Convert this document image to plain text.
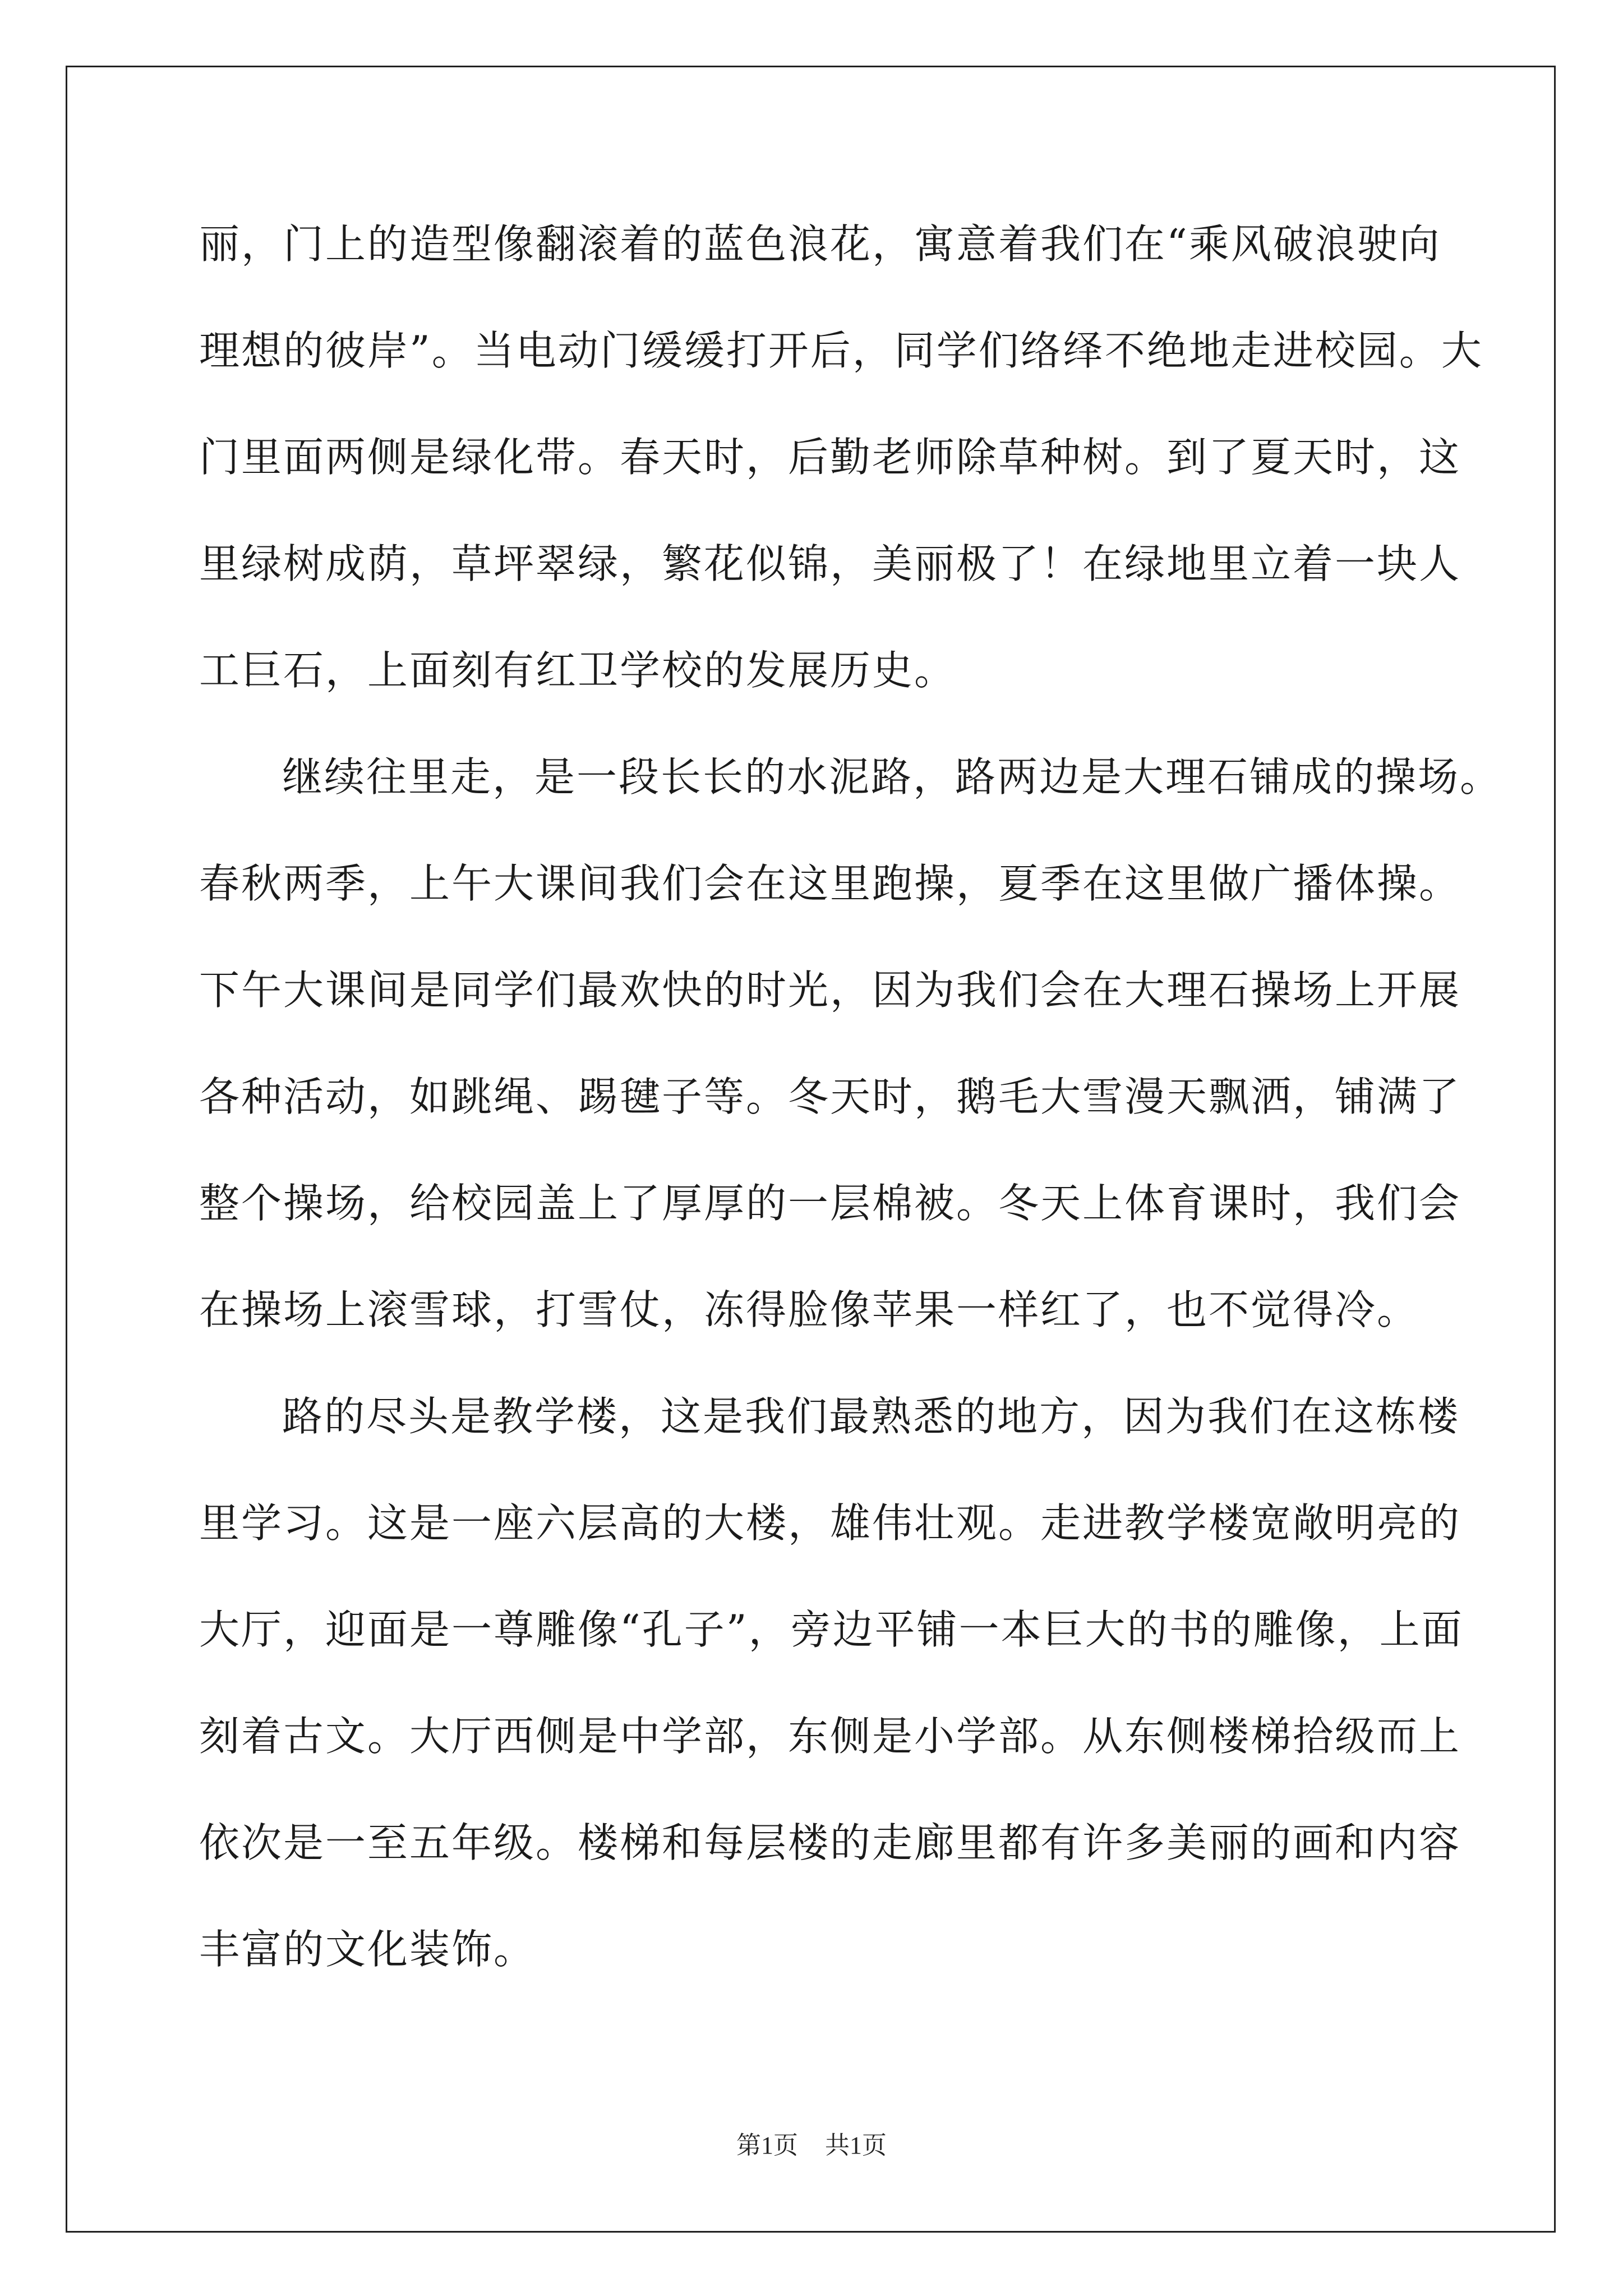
丽，门上的造型像翻滚着的蓝色浪花，寓意着我们在“乘风破浪驶向
理想的彼岸”。当电动门缓缓打开后，同学们络绎不绝地走进校园。大
门里面两侧是绿化带。春天时，后勤老师除草种树。到了夏天时，这
里绿树成荫，草坪翠绿，繁花似锦，美丽极了！在绿地里立着一块人
工巨石，上面刻有红卫学校的发展历史。
继续往里走，是一段长长的水泥路，路两边是大理石铺成的操场。
春秋两季，上午大课间我们会在这里跑操，夏季在这里做广播体操。
下午大课间是同学们最欢快的时光，因为我们会在大理石操场上开展
各种活动，如跳绳、踢毽子等。冬天时，鹅毛大雪漫天飘洒，铺满了
整个操场，给校园盖上了厚厚的一层棉被。冬天上体育课时，我们会
在操场上滚雪球，打雪仗，冻得脸像苹果一样红了，也不觉得冷。
路的尽头是教学楼，这是我们最熟悉的地方，因为我们在这栋楼
里学习。这是一座六层高的大楼，雄伟壮观。走进教学楼宽敞明亮的
大厅，迎面是一尊雕像“孔子”，旁边平铺一本巨大的书的雕像，上面
刻着古文。大厅西侧是中学部，东侧是小学部。从东侧楼梯拾级而上
依次是一至五年级。楼梯和每层楼的走廊里都有许多美丽的画和内容
丰富的文化装饰。
第1页 共1页
